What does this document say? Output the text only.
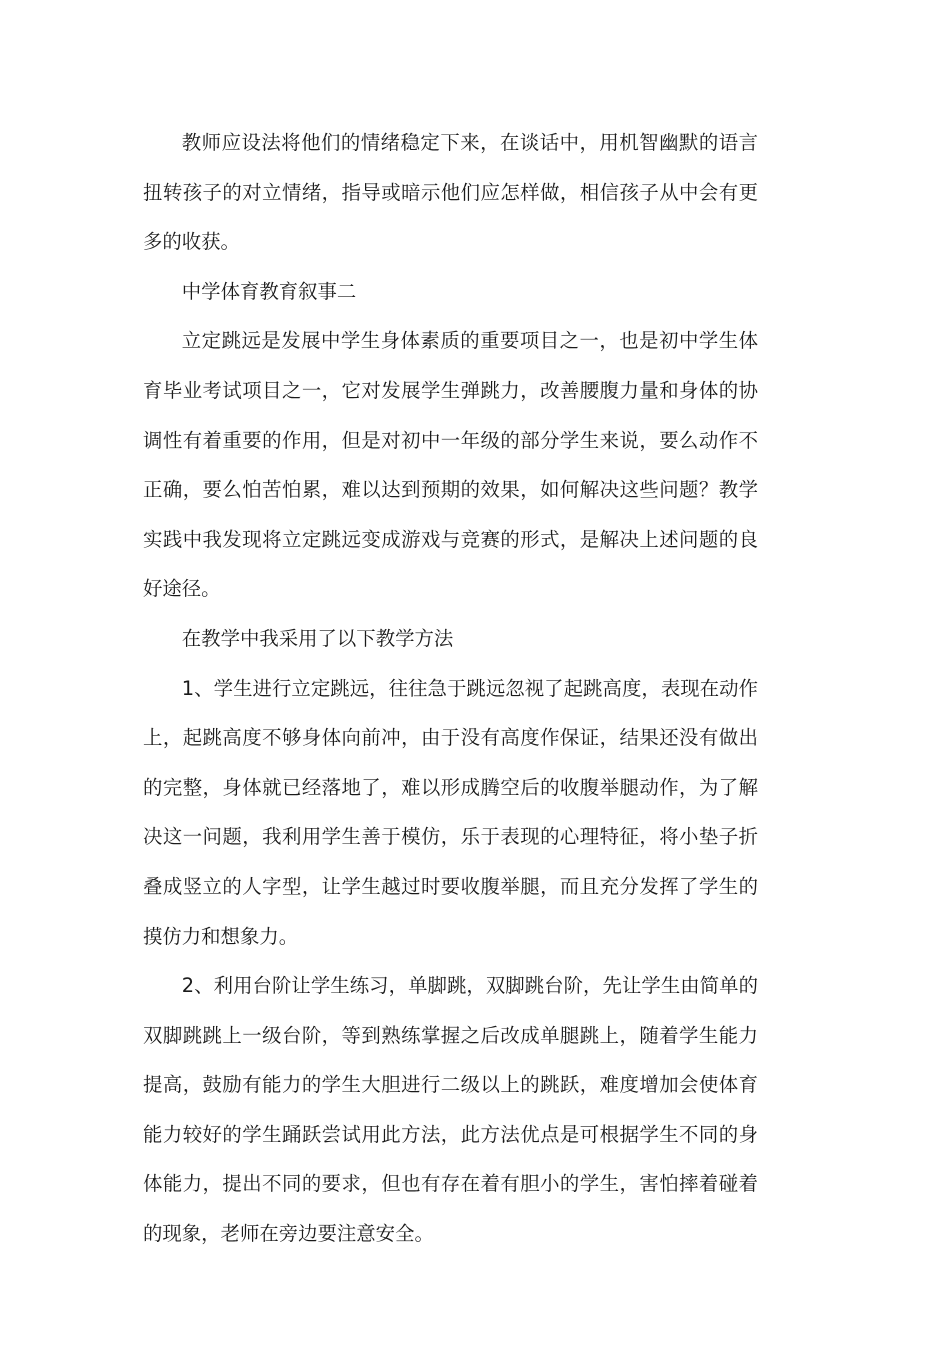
教师应设法将他们的情绪稳定下来，在谈话中，用机智幽默的语言扭转孩子的对立情绪，指导或暗示他们应怎样做，相信孩子从中会有更多的收获。

中学体育教育叙事二

立定跳远是发展中学生身体素质的重要项目之一，也是初中学生体育毕业考试项目之一，它对发展学生弹跳力，改善腰腹力量和身体的协调性有着重要的作用，但是对初中一年级的部分学生来说，要么动作不正确，要么怕苦怕累，难以达到预期的效果，如何解决这些问题？教学实践中我发现将立定跳远变成游戏与竞赛的形式，是解决上述问题的良好途径。

在教学中我采用了以下教学方法

1、学生进行立定跳远，往往急于跳远忽视了起跳高度，表现在动作上，起跳高度不够身体向前冲，由于没有高度作保证，结果还没有做出的完整，身体就已经落地了，难以形成腾空后的收腹举腿动作，为了解决这一问题，我利用学生善于模仿，乐于表现的心理特征，将小垫子折叠成竖立的人字型，让学生越过时要收腹举腿，而且充分发挥了学生的摸仿力和想象力。

2、利用台阶让学生练习，单脚跳，双脚跳台阶，先让学生由简单的双脚跳跳上一级台阶，等到熟练掌握之后改成单腿跳上，随着学生能力提高，鼓励有能力的学生大胆进行二级以上的跳跃，难度增加会使体育能力较好的学生踊跃尝试用此方法，此方法优点是可根据学生不同的身体能力，提出不同的要求，但也有存在着有胆小的学生，害怕摔着碰着的现象，老师在旁边要注意安全。
